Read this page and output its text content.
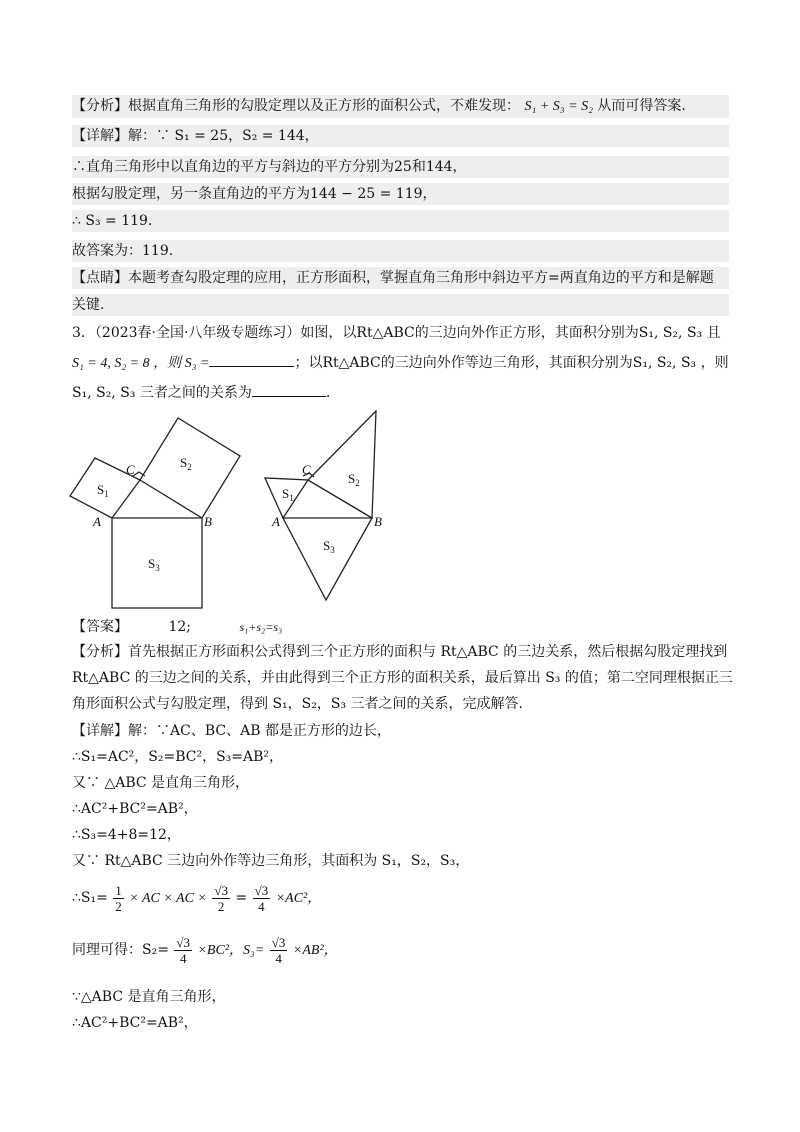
【分析】根据直角三角形的勾股定理以及正方形的面积公式，不难发现： S₁ + S₃ = S₂ 从而可得答案.
【详解】解：∵ S₁ = 25，S₂ = 144，
∴直角三角形中以直角边的平方与斜边的平方分别为25和144，
根据勾股定理，另一条直角边的平方为144 − 25 = 119，
∴ S₃ = 119.
故答案为：119.
【点睛】本题考查勾股定理的应用，正方形面积，掌握直角三角形中斜边平方=两直角边的平方和是解题
关键.
3．（2023春·全国·八年级专题练习）如图，以Rt△ABC的三边向外作正方形，其面积分别为S₁, S₂, S₃ 且
S₁ = 4, S₂ = 8 ，则 S₃ =	；以Rt△ABC的三边向外作等边三角形，其面积分别为S₁, S₂, S₃ ，则
S₁, S₂, S₃ 三者之间的关系为	.
A	B
C
$S_1$
$S_2$
$S_3$
A	B
C
$S_1$
$S_2$
$S_3$
【答案】	12;	s₁+s₂=s₃
【分析】首先根据正方形面积公式得到三个正方形的面积与 Rt△ABC 的三边关系，然后根据勾股定理找到
Rt△ABC 的三边之间的关系，并由此得到三个正方形的面积关系，最后算出 S₃ 的值；第二空同理根据正三
角形面积公式与勾股定理，得到 S₁，S₂，S₃ 三者之间的关系，完成解答.
【详解】解：∵AC、BC、AB 都是正方形的边长，
∴S₁=AC²，S₂=BC²，S₃=AB²，
又∵ △ABC 是直角三角形，
∴AC²+BC²=AB²，
∴S₃=4+8=12，
又∵ Rt△ABC 三边向外作等边三角形，其面积为 S₁，S₂，S₃，
∴S₁= $\frac{1}{2}$ × AC × AC × $\frac{√3}{2} = \frac{√3}{4} \times AC^2$，
同理可得：$S_2= \frac{√3}{4} \times BC^2$，$S_3= \frac{√3}{4} \times AB^2$，
∵△ABC 是直角三角形，
∴AC²+BC²=AB²，
